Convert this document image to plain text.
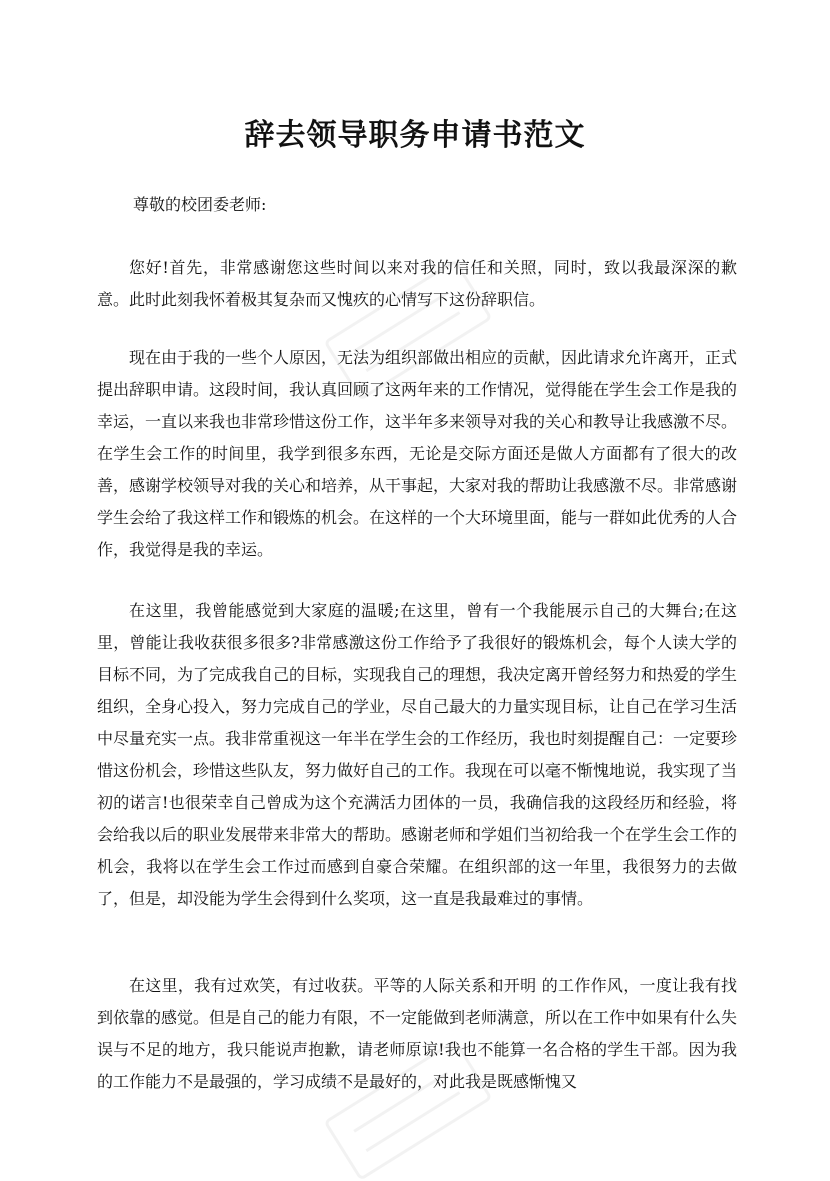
辞去领导职务申请书范文

尊敬的校团委老师:

您好!首先，非常感谢您这些时间以来对我的信任和关照，同时，致以我最深深的歉意。此时此刻我怀着极其复杂而又愧疚的心情写下这份辞职信。

现在由于我的一些个人原因，无法为组织部做出相应的贡献，因此请求允许离开，正式提出辞职申请。这段时间，我认真回顾了这两年来的工作情况，觉得能在学生会工作是我的幸运，一直以来我也非常珍惜这份工作，这半年多来领导对我的关心和教导让我感激不尽。在学生会工作的时间里，我学到很多东西，无论是交际方面还是做人方面都有了很大的改善，感谢学校领导对我的关心和培养，从干事起，大家对我的帮助让我感激不尽。非常感谢学生会给了我这样工作和锻炼的机会。在这样的一个大环境里面，能与一群如此优秀的人合作，我觉得是我的幸运。

在这里，我曾能感觉到大家庭的温暖;在这里，曾有一个我能展示自己的大舞台;在这里，曾能让我收获很多很多?非常感激这份工作给予了我很好的锻炼机会，每个人读大学的目标不同，为了完成我自己的目标，实现我自己的理想，我决定离开曾经努力和热爱的学生组织，全身心投入，努力完成自己的学业，尽自己最大的力量实现目标，让自己在学习生活中尽量充实一点。我非常重视这一年半在学生会的工作经历，我也时刻提醒自己：一定要珍惜这份机会，珍惜这些队友，努力做好自己的工作。我现在可以毫不惭愧地说，我实现了当初的诺言!也很荣幸自己曾成为这个充满活力团体的一员，我确信我的这段经历和经验，将会给我以后的职业发展带来非常大的帮助。感谢老师和学姐们当初给我一个在学生会工作的机会，我将以在学生会工作过而感到自豪合荣耀。在组织部的这一年里，我很努力的去做了，但是，却没能为学生会得到什么奖项，这一直是我最难过的事情。

在这里，我有过欢笑，有过收获。平等的人际关系和开明 的工作作风，一度让我有找到依靠的感觉。但是自己的能力有限，不一定能做到老师满意，所以在工作中如果有什么失误与不足的地方，我只能说声抱歉，请老师原谅!我也不能算一名合格的学生干部。因为我的工作能力不是最强的，学习成绩不是最好的，对此我是既感惭愧又
